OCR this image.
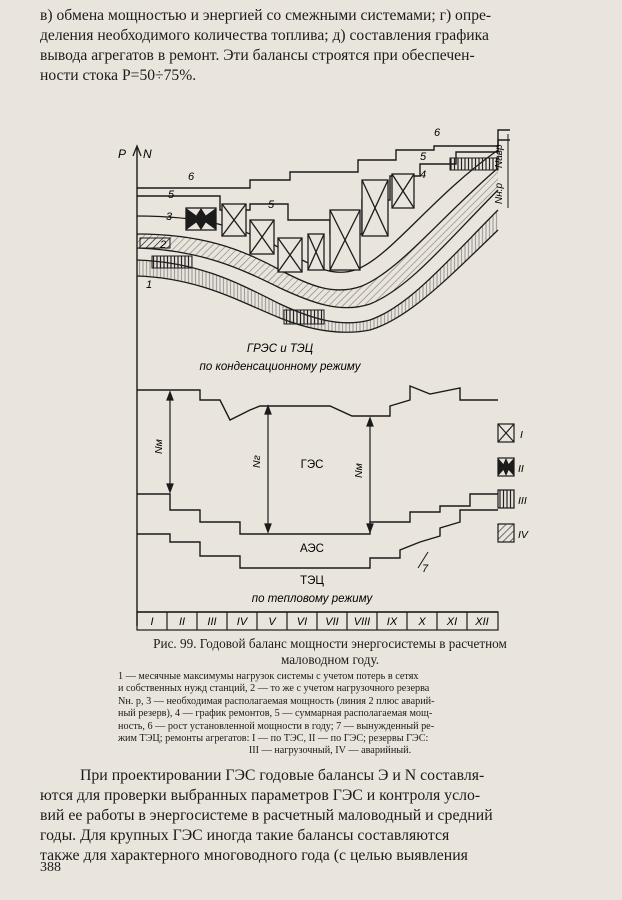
в) обмена мощностью и энергией со смежными системами; г) опре-
деления необходимого количества топлива; д) составления графика
вывода агрегатов в ремонт. Эти балансы строятся при обеспечен-
ности стока P=50÷75%.
P N
6
5
3
2
1
5
6
5
4
Nавр
Nн.р
ГРЭС и ТЭЦ
по конденсационному режиму
Nм
Nг
Nм
ГЭС
АЭС
ТЭЦ
по тепловому режиму
7
I II III IV V VI VII VIII IX X XI XII
I
II
III
IV
Рис. 99. Годовой баланс мощности энергосистемы в расчетном
маловодном году.
1 — месячные максимумы нагрузок системы с учетом потерь в сетях
и собственных нужд станций, 2 — то же с учетом нагрузочного резерва
Nн. р, 3 — необходимая располагаемая мощность (линия 2 плюс аварий-
ный резерв), 4 — график ремонтов, 5 — суммарная располагаемая мощ-
ность, 6 — рост установленной мощности в году; 7 — вынужденный ре-
жим ТЭЦ; ремонты агрегатов: I — по ТЭС, II — по ГЭС; резервы ГЭС:
III — нагрузочный, IV — аварийный.
При проектировании ГЭС годовые балансы Э и N составля-
ются для проверки выбранных параметров ГЭС и контроля усло-
вий ее работы в энергосистеме в расчетный маловодный и средний
годы. Для крупных ГЭС иногда такие балансы составляются
также для характерного многоводного года (с целью выявления
388
